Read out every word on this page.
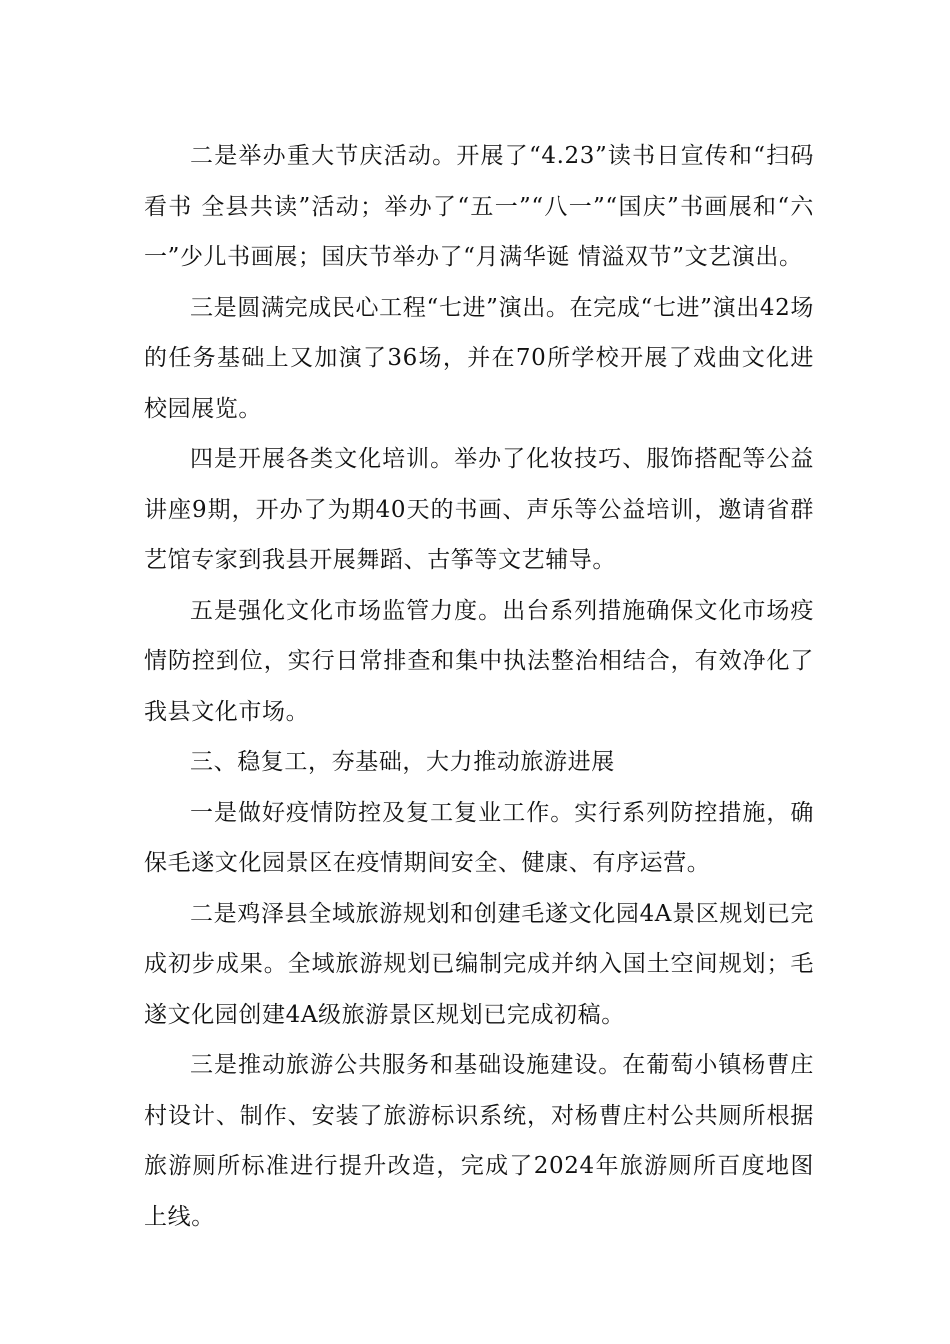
二是举办重大节庆活动。开展了“4.23”读书日宣传和“扫码看书 全县共读”活动；举办了“五一”“八一”“国庆”书画展和“六一”少儿书画展；国庆节举办了“月满华诞 情溢双节”文艺演出。

三是圆满完成民心工程“七进”演出。在完成“七进”演出42场的任务基础上又加演了36场，并在70所学校开展了戏曲文化进校园展览。

四是开展各类文化培训。举办了化妆技巧、服饰搭配等公益讲座9期，开办了为期40天的书画、声乐等公益培训，邀请省群艺馆专家到我县开展舞蹈、古筝等文艺辅导。

五是强化文化市场监管力度。出台系列措施确保文化市场疫情防控到位，实行日常排查和集中执法整治相结合，有效净化了我县文化市场。

三、稳复工，夯基础，大力推动旅游进展

一是做好疫情防控及复工复业工作。实行系列防控措施，确保毛遂文化园景区在疫情期间安全、健康、有序运营。

二是鸡泽县全域旅游规划和创建毛遂文化园4A景区规划已完成初步成果。全域旅游规划已编制完成并纳入国土空间规划；毛遂文化园创建4A级旅游景区规划已完成初稿。

三是推动旅游公共服务和基础设施建设。在葡萄小镇杨曹庄村设计、制作、安装了旅游标识系统，对杨曹庄村公共厕所根据旅游厕所标准进行提升改造，完成了2024年旅游厕所百度地图上线。
